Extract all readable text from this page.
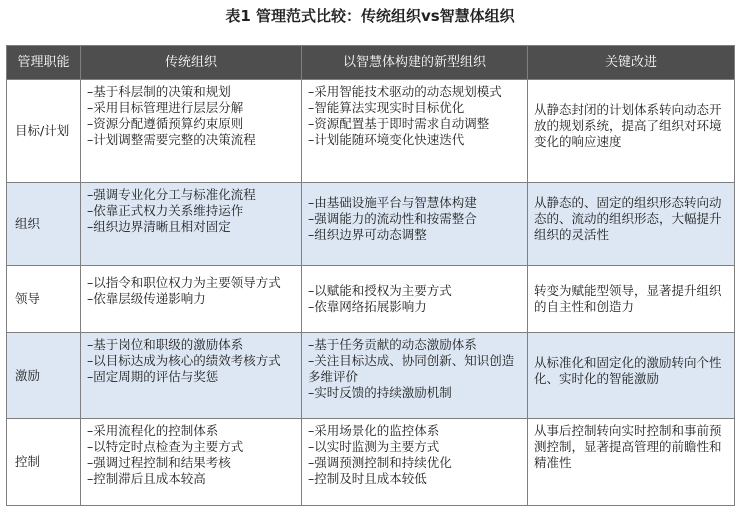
表1 管理范式比较：传统组织vs智慧体组织
管理职能	传统组织	以智慧体构建的新型组织	关键改进
目标/计划	–基于科层制的决策和规划
–采用目标管理进行层层分解
–资源分配遵循预算约束原则
–计划调整需要完整的决策流程	–采用智能技术驱动的动态规划模式
–智能算法实现实时目标优化
–资源配置基于即时需求自动调整
–计划能随环境变化快速迭代	从静态封闭的计划体系转向动态开放的规划系统，提高了组织对环境变化的响应速度

组织	–强调专业化分工与标准化流程
–依靠正式权力关系维持运作
–组织边界清晰且相对固定	–由基础设施平台与智慧体构建
–强调能力的流动性和按需整合
–组织边界可动态调整	从静态的、固定的组织形态转向动态的、流动的组织形态，大幅提升组织的灵活性

领导	–以指令和职位权力为主要领导方式
–依靠层级传递影响力	–以赋能和授权为主要方式
–依靠网络拓展影响力	转变为赋能型领导，显著提升组织的自主性和创造力

激励	–基于岗位和职级的激励体系
–以目标达成为核心的绩效考核方式
–固定周期的评估与奖惩	–基于任务贡献的动态激励体系
–关注目标达成、协同创新、知识创造多维评价
–实时反馈的持续激励机制	从标准化和固定化的激励转向个性化、实时化的智能激励

控制	–采用流程化的控制体系
–以特定时点检查为主要方式
–强调过程控制和结果考核
–控制滞后且成本较高	–采用场景化的监控体系
–以实时监测为主要方式
–强调预测控制和持续优化
–控制及时且成本较低	从事后控制转向实时控制和事前预测控制，显著提高管理的前瞻性和精准性
